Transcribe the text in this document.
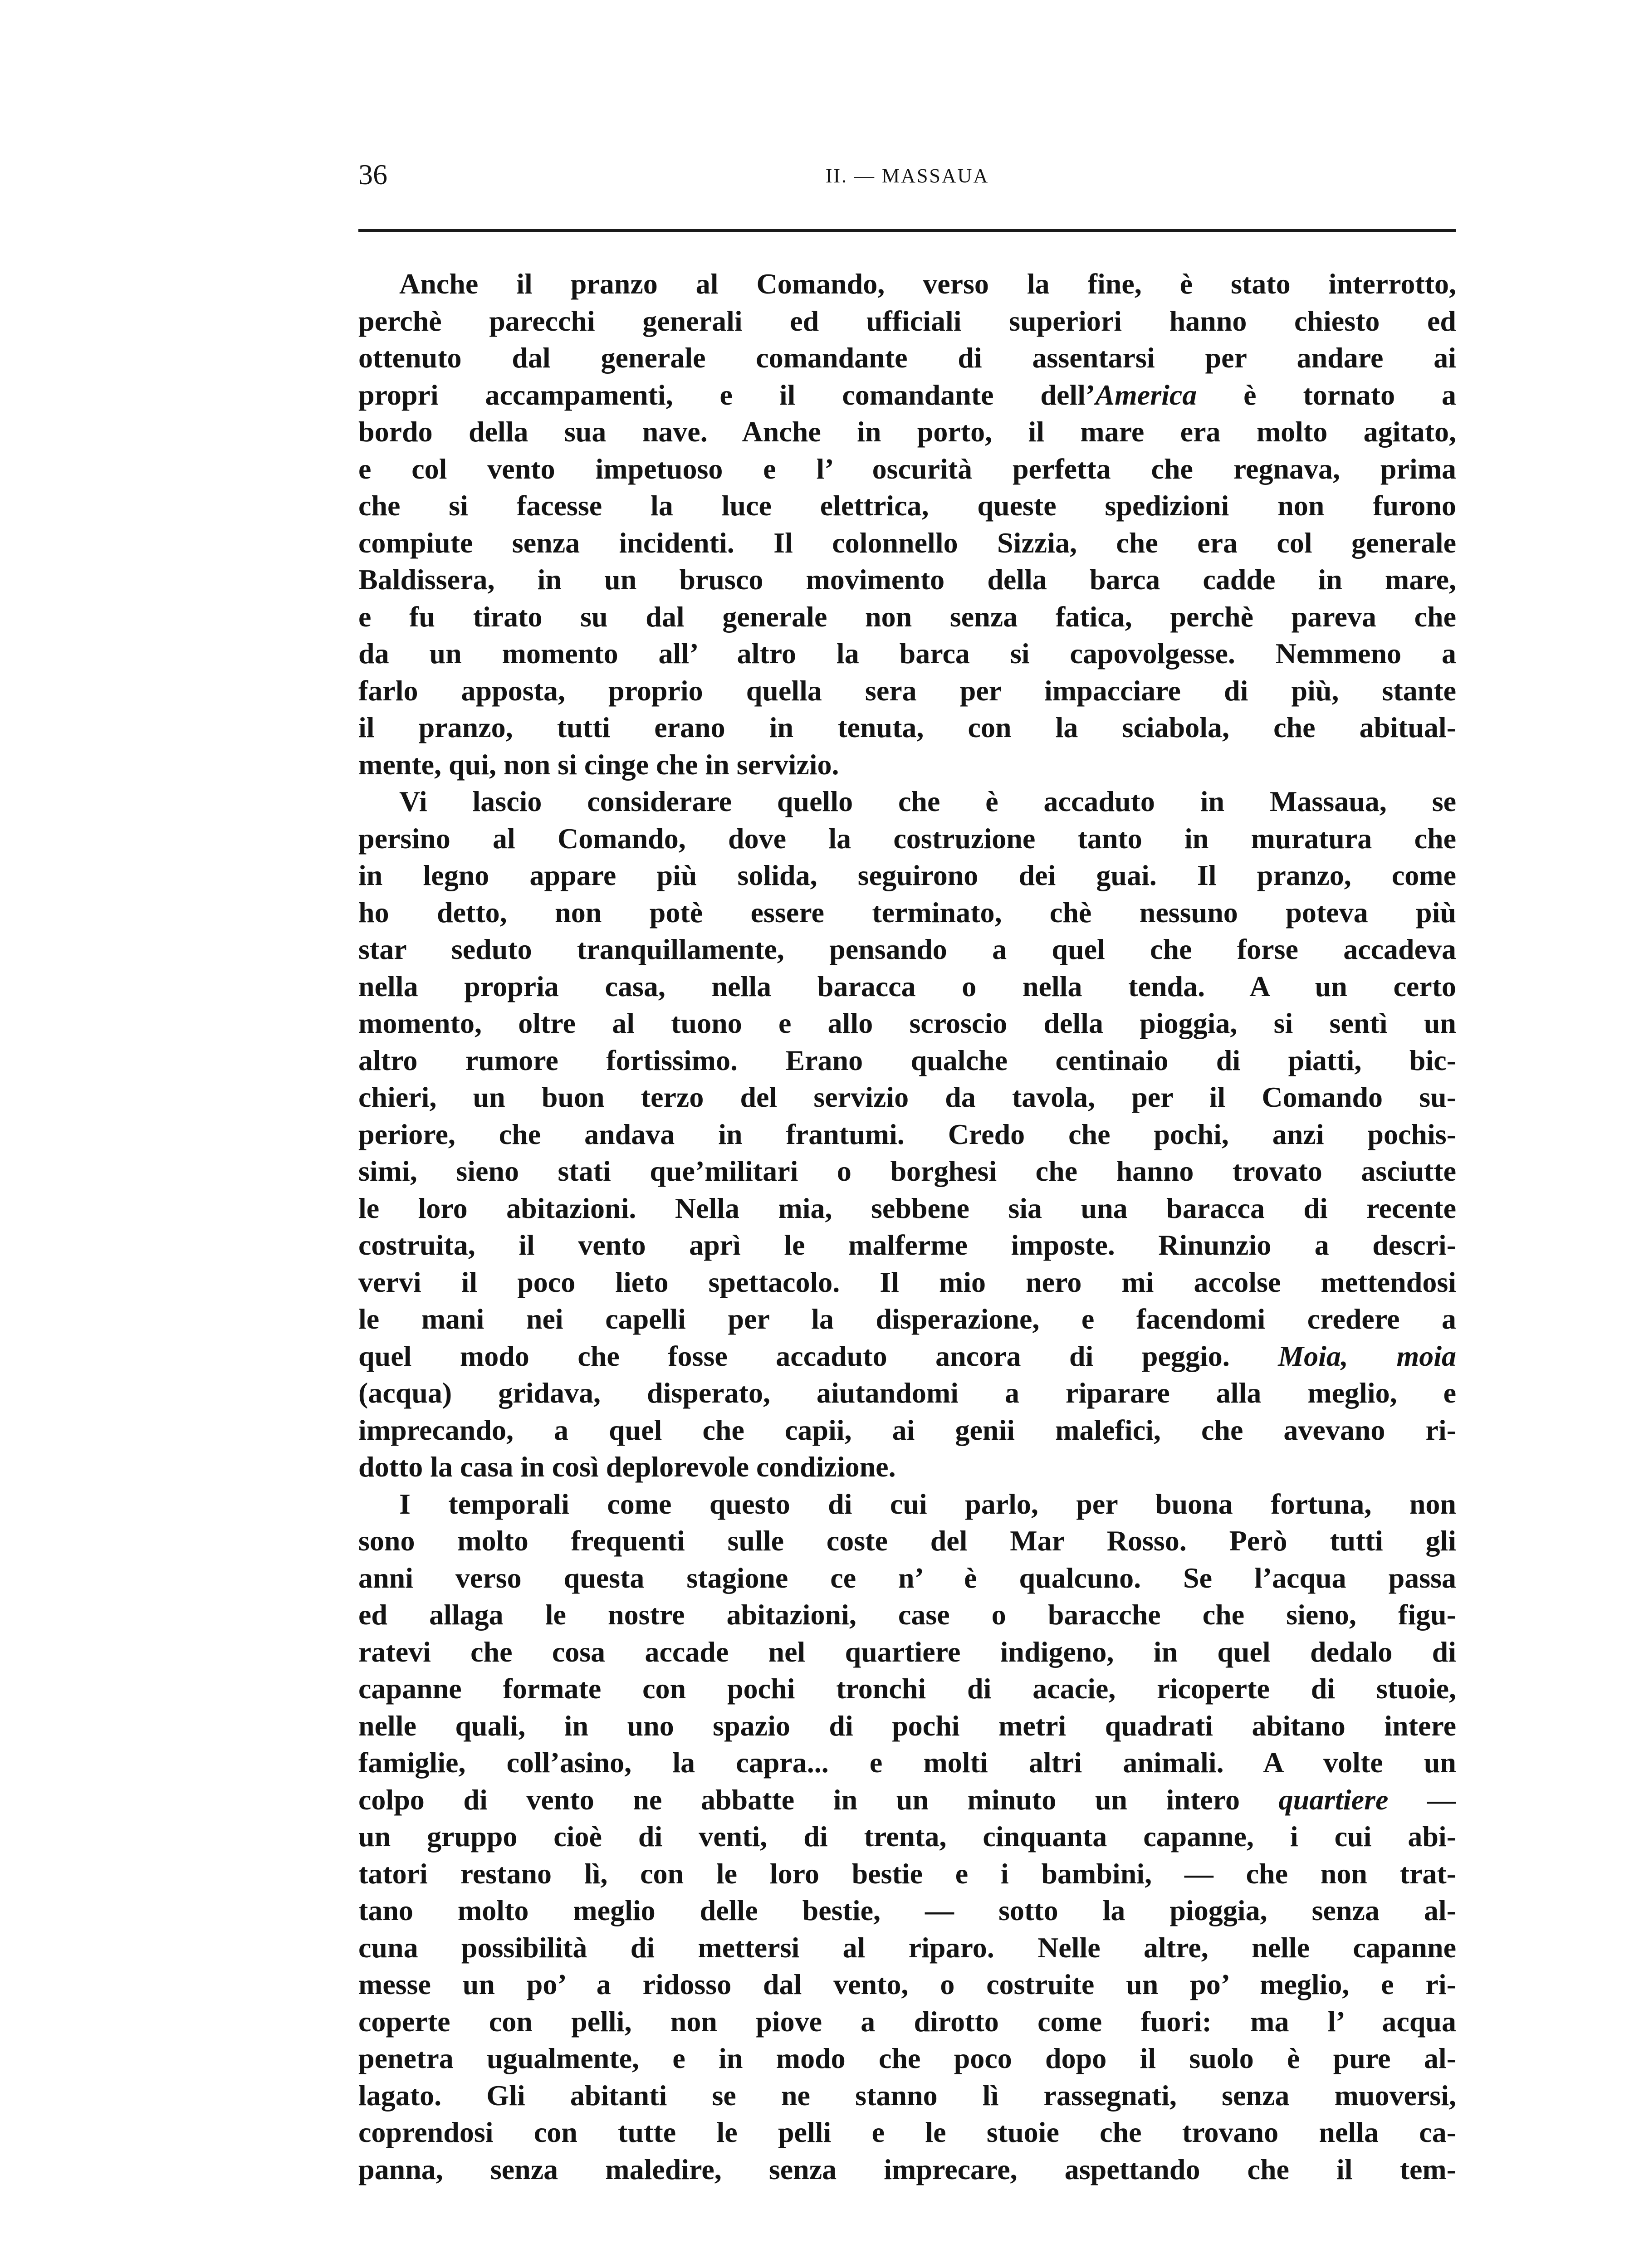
36	II. — MASSAUA
Anche il pranzo al Comando, verso la fine, è stato interrotto,
perchè parecchi generali ed ufficiali superiori hanno chiesto ed
ottenuto dal generale comandante di assentarsi per andare ai
propri accampamenti, e il comandante dell’America è tornato a
bordo della sua nave. Anche in porto, il mare era molto agitato,
e col vento impetuoso e l’ oscurità perfetta che regnava, prima
che si facesse la luce elettrica, queste spedizioni non furono
compiute senza incidenti. Il colonnello Sizzia, che era col generale
Baldissera, in un brusco movimento della barca cadde in mare,
e fu tirato su dal generale non senza fatica, perchè pareva che
da un momento all’ altro la barca si capovolgesse. Nemmeno a
farlo apposta, proprio quella sera per impacciare di più, stante
il pranzo, tutti erano in tenuta, con la sciabola, che abitual-
mente, qui, non si cinge che in servizio.
Vi lascio considerare quello che è accaduto in Massaua, se
persino al Comando, dove la costruzione tanto in muratura che
in legno appare più solida, seguirono dei guai. Il pranzo, come
ho detto, non potè essere terminato, chè nessuno poteva più
star seduto tranquillamente, pensando a quel che forse accadeva
nella propria casa, nella baracca o nella tenda. A un certo
momento, oltre al tuono e allo scroscio della pioggia, si sentì un
altro rumore fortissimo. Erano qualche centinaio di piatti, bic-
chieri, un buon terzo del servizio da tavola, per il Comando su-
periore, che andava in frantumi. Credo che pochi, anzi pochis-
simi, sieno stati que’militari o borghesi che hanno trovato asciutte
le loro abitazioni. Nella mia, sebbene sia una baracca di recente
costruita, il vento aprì le malferme imposte. Rinunzio a descri-
vervi il poco lieto spettacolo. Il mio nero mi accolse mettendosi
le mani nei capelli per la disperazione, e facendomi credere a
quel modo che fosse accaduto ancora di peggio. Moia, moia
(acqua) gridava, disperato, aiutandomi a riparare alla meglio, e
imprecando, a quel che capii, ai genii malefici, che avevano ri-
dotto la casa in così deplorevole condizione.
I temporali come questo di cui parlo, per buona fortuna, non
sono molto frequenti sulle coste del Mar Rosso. Però tutti gli
anni verso questa stagione ce n’ è qualcuno. Se l’acqua passa
ed allaga le nostre abitazioni, case o baracche che sieno, figu-
ratevi che cosa accade nel quartiere indigeno, in quel dedalo di
capanne formate con pochi tronchi di acacie, ricoperte di stuoie,
nelle quali, in uno spazio di pochi metri quadrati abitano intere
famiglie, coll’asino, la capra... e molti altri animali. A volte un
colpo di vento ne abbatte in un minuto un intero quartiere —
un gruppo cioè di venti, di trenta, cinquanta capanne, i cui abi-
tatori restano lì, con le loro bestie e i bambini, — che non trat-
tano molto meglio delle bestie, — sotto la pioggia, senza al-
cuna possibilità di mettersi al riparo. Nelle altre, nelle capanne
messe un po’ a ridosso dal vento, o costruite un po’ meglio, e ri-
coperte con pelli, non piove a dirotto come fuori: ma l’ acqua
penetra ugualmente, e in modo che poco dopo il suolo è pure al-
lagato. Gli abitanti se ne stanno lì rassegnati, senza muoversi,
coprendosi con tutte le pelli e le stuoie che trovano nella ca-
panna, senza maledire, senza imprecare, aspettando che il tem-
